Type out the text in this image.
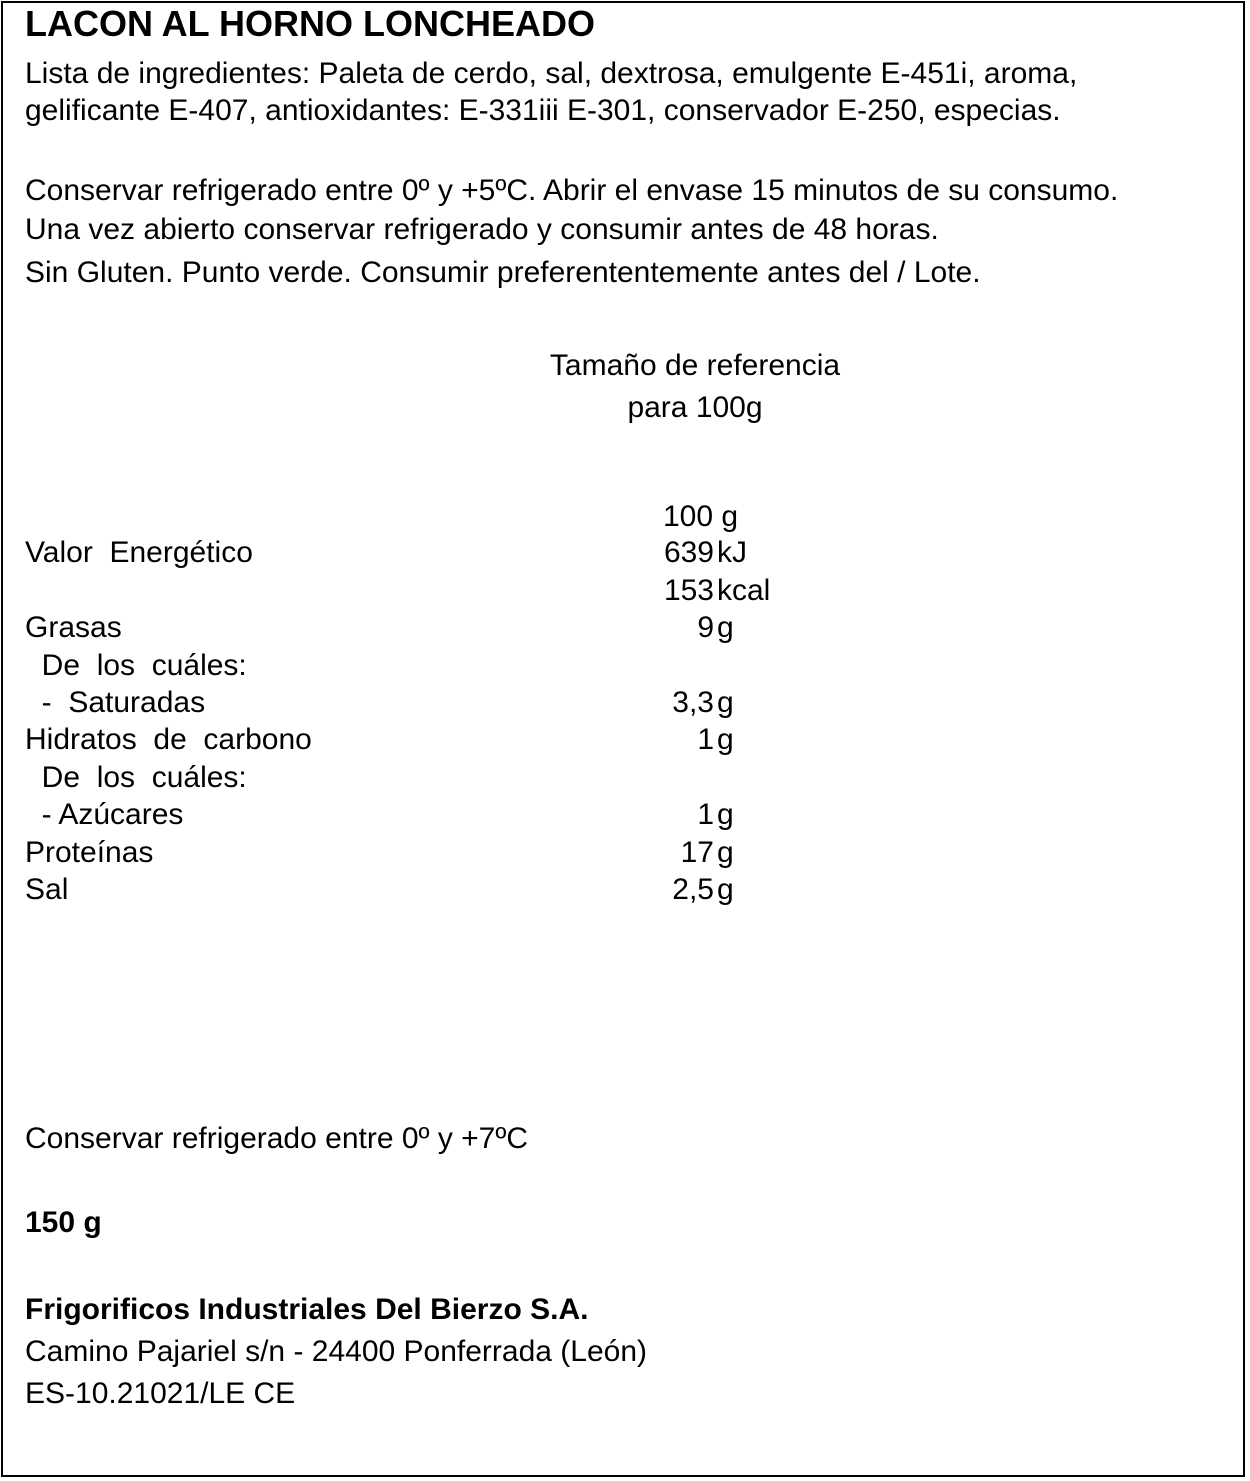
LACON AL HORNO LONCHEADO
Lista de ingredientes: Paleta de cerdo, sal, dextrosa, emulgente E-451i, aroma,
gelificante E-407, antioxidantes: E-331iii E-301, conservador E-250, especias.
Conservar refrigerado entre 0º y +5ºC. Abrir el envase 15 minutos de su consumo.
Una vez abierto conservar refrigerado y consumir antes de 48 horas.
Sin Gluten. Punto verde. Consumir preferententemente antes del / Lote.
Tamaño de referencia
para 100g
100 g
Valor  Energético	639 kJ
153 kcal
Grasas	9 g
De  los  cuáles:
-  Saturadas	3,3 g
Hidratos  de  carbono	1 g
De  los  cuáles:
- Azúcares	1 g
Proteínas	17 g
Sal	2,5 g
Conservar refrigerado entre 0º y +7ºC
150 g
Frigorificos Industriales Del Bierzo S.A.
Camino Pajariel s/n - 24400 Ponferrada (León)
ES-10.21021/LE CE
